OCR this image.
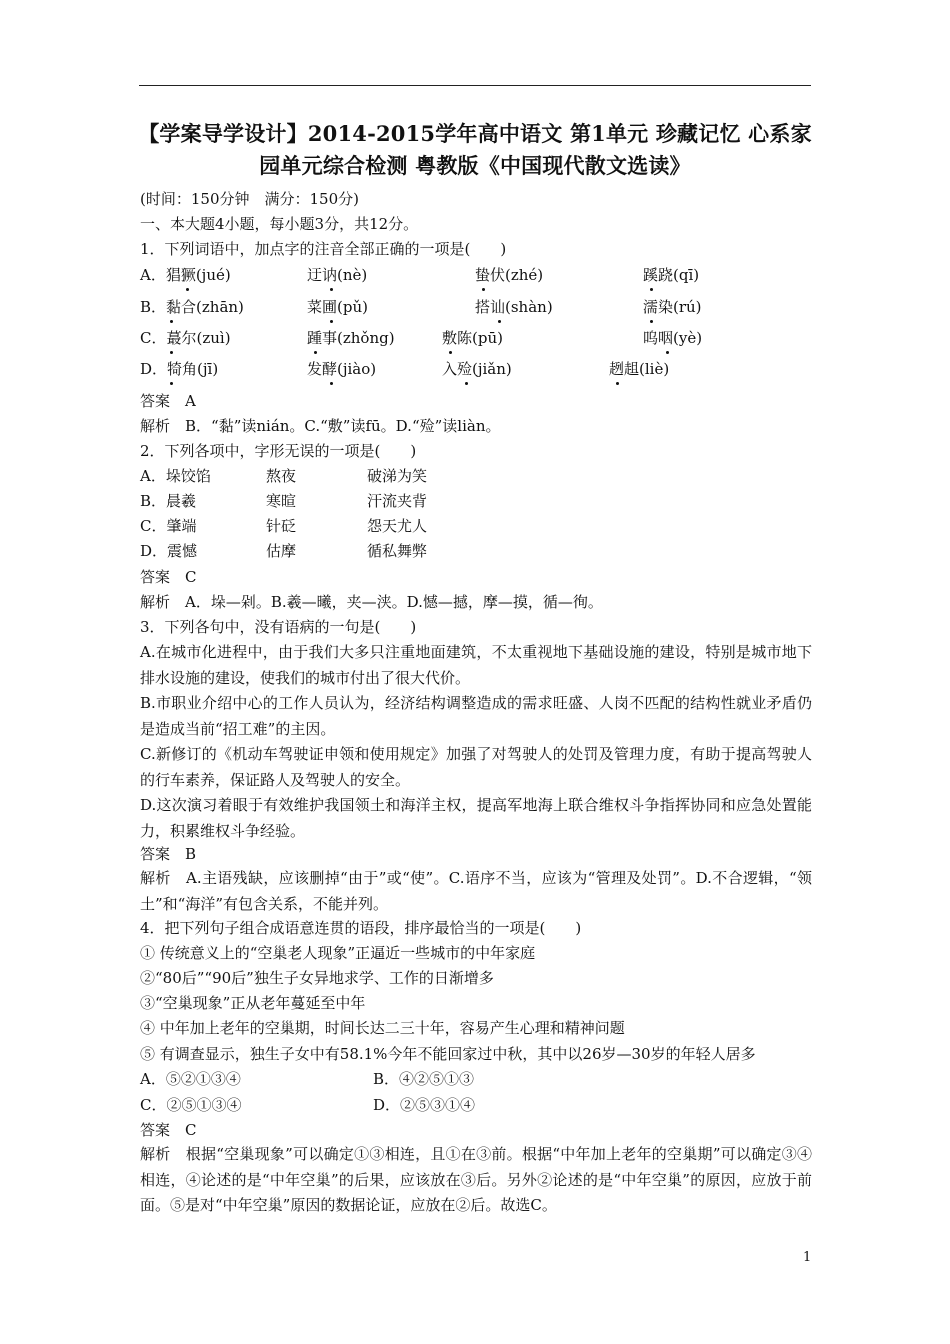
【学案导学设计】2014-2015学年高中语文 第1单元 珍藏记忆 心系家园单元综合检测 粤教版《中国现代散文选读》
(时间：150分钟　满分：150分)
一、本大题4小题，每小题3分，共12分。
1．下列词语中，加点字的注音全部正确的一项是(　　)
A．猖獗(jué)	迂讷(nè)	蛰伏(zhé)	蹊跷(qī)
B．黏合(zhān)	菜圃(pǔ)	搭讪(shàn)	濡染(rú)
C．蕞尔(zuì)	踵事(zhǒng)	敷陈(pū)	呜咽(yè)
D．犄角(jī)	发酵(jiào)	入殓(jiǎn)	趔趄(liè)
答案　A
解析　B．“黏”读nián。C.“敷”读fū。D.“殓”读liàn。
2．下列各项中，字形无误的一项是(　　)
A．垛饺馅	熬夜	破涕为笑
B．晨羲	寒暄	汗流夹背
C．肇端	针砭	怨天尤人
D．震憾	估摩	循私舞弊
答案　C
解析　A．垛—剁。B.羲—曦，夹—浃。D.憾—撼，摩—摸，循—徇。
3．下列各句中，没有语病的一句是(　　)
A.在城市化进程中，由于我们大多只注重地面建筑，不太重视地下基础设施的建设，特别是城市地下排水设施的建设，使我们的城市付出了很大代价。
B.市职业介绍中心的工作人员认为，经济结构调整造成的需求旺盛、人岗不匹配的结构性就业矛盾仍是造成当前“招工难”的主因。
C.新修订的《机动车驾驶证申领和使用规定》加强了对驾驶人的处罚及管理力度，有助于提高驾驶人的行车素养，保证路人及驾驶人的安全。
D.这次演习着眼于有效维护我国领土和海洋主权，提高军地海上联合维权斗争指挥协同和应急处置能力，积累维权斗争经验。
答案　B
解析　A.主语残缺，应该删掉“由于”或“使”。C.语序不当，应该为“管理及处罚”。D.不合逻辑，“领土”和“海洋”有包含关系，不能并列。
4．把下列句子组合成语意连贯的语段，排序最恰当的一项是(　　)
① 传统意义上的“空巢老人现象”正逼近一些城市的中年家庭
②“80后”“90后”独生子女异地求学、工作的日渐增多
③“空巢现象”正从老年蔓延至中年
④ 中年加上老年的空巢期，时间长达二三十年，容易产生心理和精神问题
⑤ 有调查显示，独生子女中有58.1%今年不能回家过中秋，其中以26岁—30岁的年轻人居多
A．⑤②①③④	B．④②⑤①③
C．②⑤①③④	D．②⑤③①④
答案　C
解析　根据“空巢现象”可以确定①③相连，且①在③前。根据“中年加上老年的空巢期”可以确定③④相连，④论述的是“中年空巢”的后果，应该放在③后。另外②论述的是“中年空巢”的原因，应放于前面。⑤是对“中年空巢”原因的数据论证，应放在②后。故选C。
1
